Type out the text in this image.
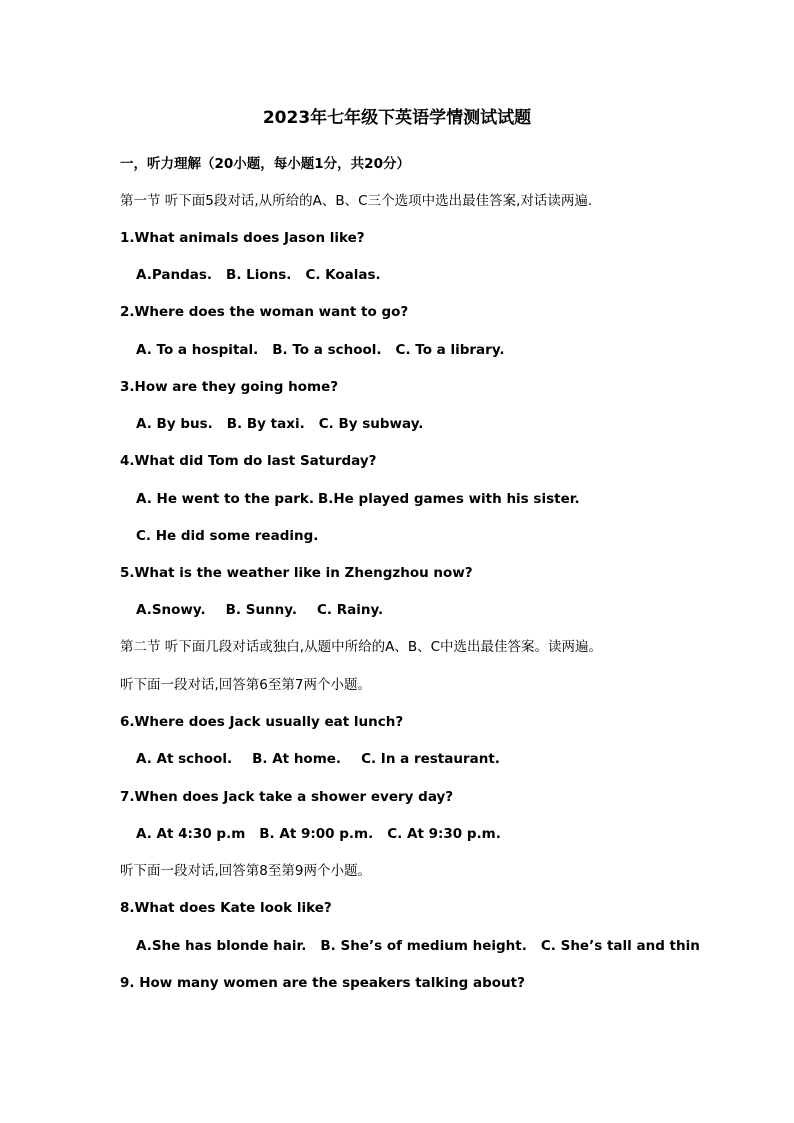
2023年七年级下英语学情测试试题
一，听力理解（20小题，每小题1分，共20分）
第一节 听下面5段对话,从所给的A、B、C三个选项中选出最佳答案,对话读两遍.
1.What animals does Jason like?
A.Pandas. B. Lions. C. Koalas.
2.Where does the woman want to go?
A. To a hospital. B. To a school. C. To a library.
3.How are they going home?
A. By bus. B. By taxi. C. By subway.
4.What did Tom do last Saturday?
A. He went to the park. B.He played games with his sister.
C. He did some reading.
5.What is the weather like in Zhengzhou now?
A.Snowy. B. Sunny. C. Rainy.
第二节 听下面几段对话或独白,从题中所给的A、B、C中选出最佳答案。读两遍。
听下面一段对话,回答第6至第7两个小题。
6.Where does Jack usually eat lunch?
A. At school. B. At home. C. In a restaurant.
7.When does Jack take a shower every day?
A. At 4:30 p.m B. At 9:00 p.m. C. At 9:30 p.m.
听下面一段对话,回答第8至第9两个小题。
8.What does Kate look like?
A.She has blonde hair. B. She’s of medium height. C. She’s tall and thin
9. How many women are the speakers talking about?
